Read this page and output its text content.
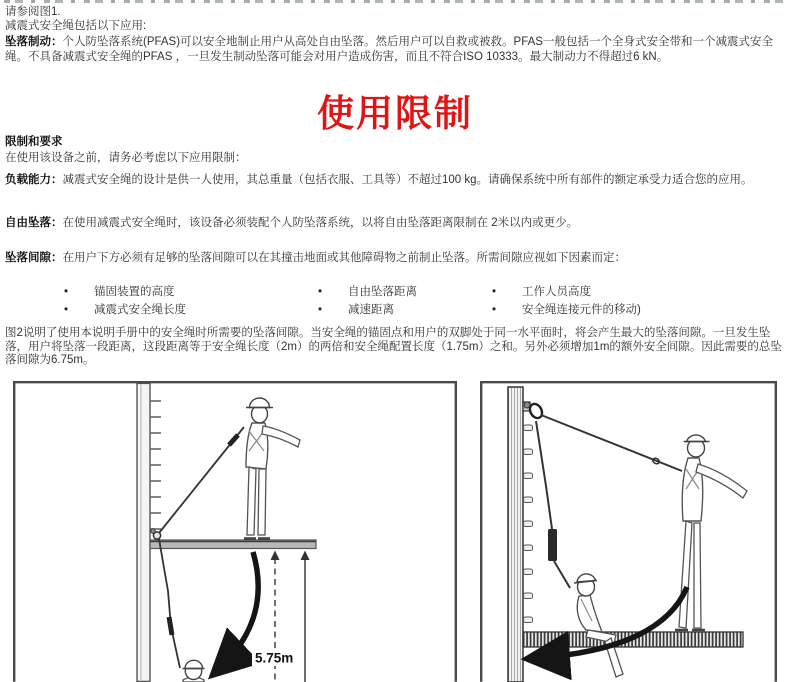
请参阅图1.

减震式安全绳包括以下应用:

坠落制动：个人防坠落系统(PFAS)可以安全地制止用户从高处自由坠落。然后用户可以自救或被救。PFAS一般包括一个全身式安全带和一个减震式安全绳。不具备减震式安全绳的PFAS ，一旦发生制动坠落可能会对用户造成伤害，而且不符合ISO 10333。最大制动力不得超过6 kN。

使用限制

限制和要求

在使用该设备之前，请务必考虑以下应用限制：

负载能力：减震式安全绳的设计是供一人使用，其总重量（包括衣服、工具等）不超过100 kg。请确保系统中所有部件的额定承受力适合您的应用。

自由坠落：在使用减震式安全绳时，该设备必须装配个人防坠落系统，以将自由坠落距离限制在 2米以内或更少。

坠落间隙：在用户下方必须有足够的坠落间隙可以在其撞击地面或其他障碍物之前制止坠落。所需间隙应视如下因素而定：

• 锚固装置的高度
• 减震式安全绳长度
• 自由坠落距离
• 减速距离
• 工作人员高度
• 安全绳连接元件的移动)

图2说明了使用本说明手册中的安全绳时所需要的坠落间隙。当安全绳的锚固点和用户的双脚处于同一水平面时，将会产生最大的坠落间隙。一旦发生坠落，用户将坠落一段距离，这段距离等于安全绳长度（2m）的两倍和安全绳配置长度（1.75m）之和。另外必须增加1m的额外安全间隙。因此需要的总坠落间隙为6.75m。

5.75m
